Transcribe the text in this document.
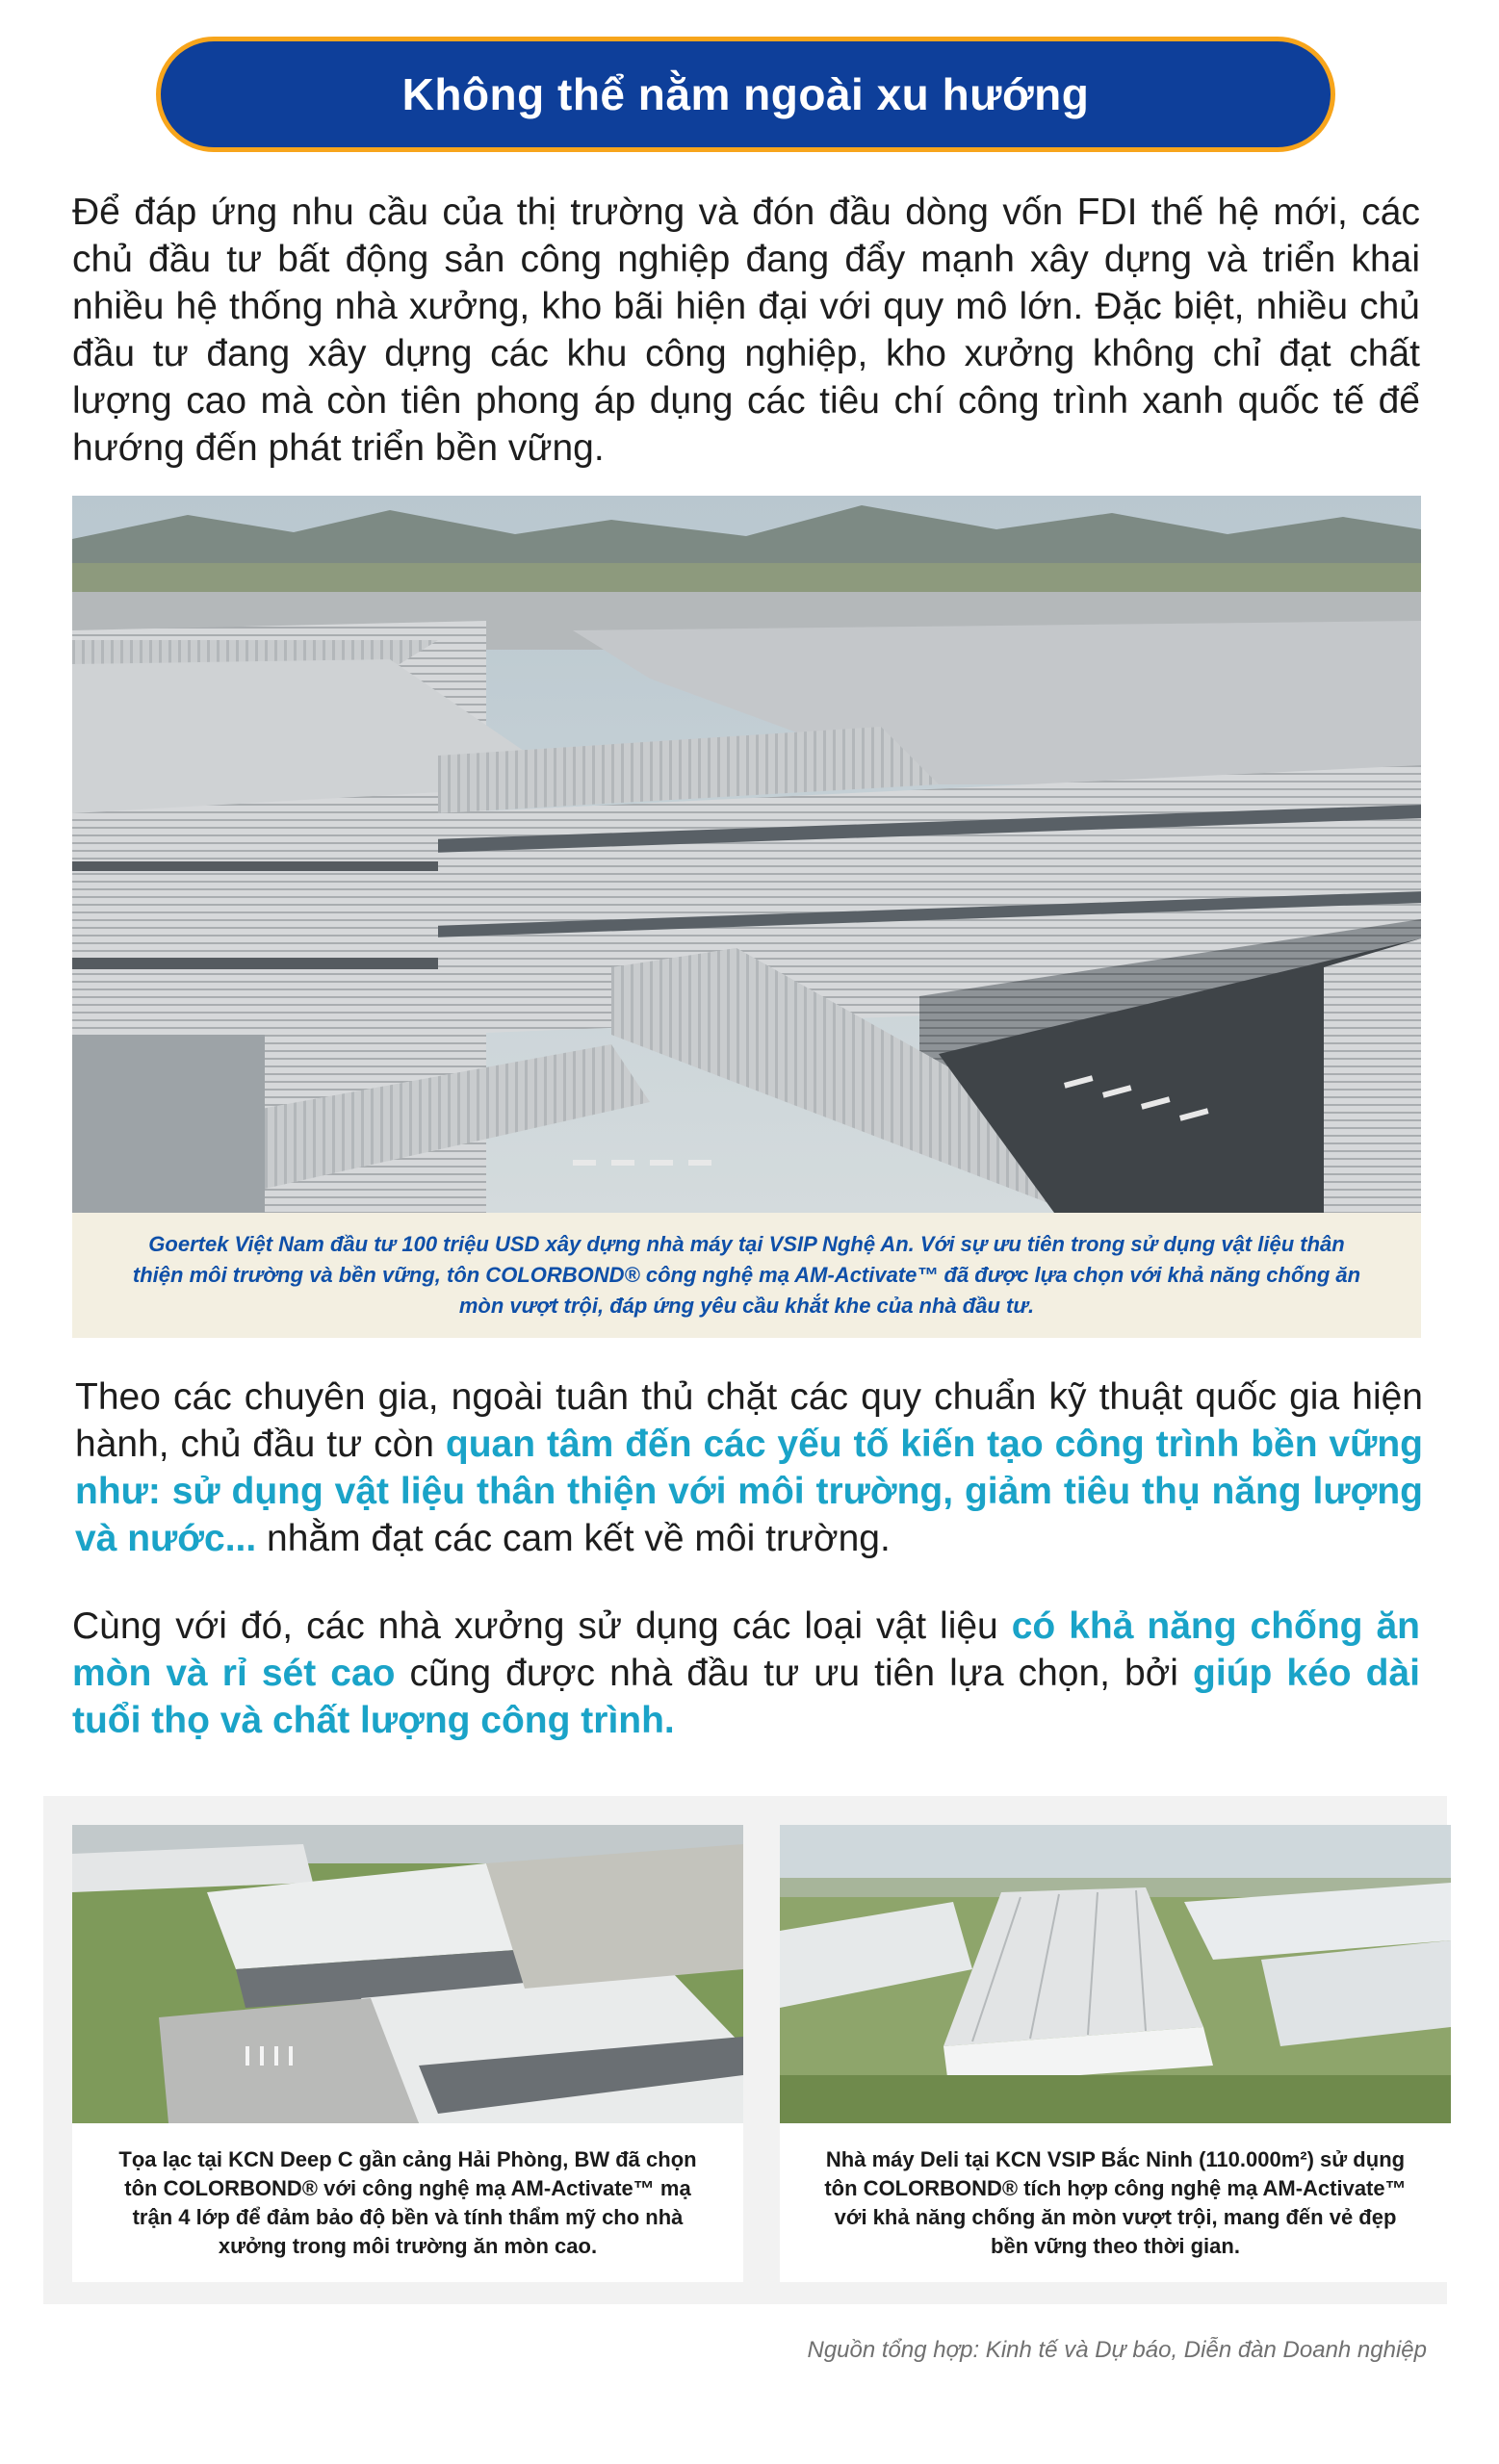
Không thể nằm ngoài xu hướng

Để đáp ứng nhu cầu của thị trường và đón đầu dòng vốn FDI thế hệ mới, các chủ đầu tư bất động sản công nghiệp đang đẩy mạnh xây dựng và triển khai nhiều hệ thống nhà xưởng, kho bãi hiện đại với quy mô lớn. Đặc biệt, nhiều chủ đầu tư đang xây dựng các khu công nghiệp, kho xưởng không chỉ đạt chất lượng cao mà còn tiên phong áp dụng các tiêu chí công trình xanh quốc tế để hướng đến phát triển bền vững.

Goertek Việt Nam đầu tư 100 triệu USD xây dựng nhà máy tại VSIP Nghệ An. Với sự ưu tiên trong sử dụng vật liệu thân thiện môi trường và bền vững, tôn COLORBOND® công nghệ mạ AM-Activate™ đã được lựa chọn với khả năng chống ăn mòn vượt trội, đáp ứng yêu cầu khắt khe của nhà đầu tư.

Theo các chuyên gia, ngoài tuân thủ chặt các quy chuẩn kỹ thuật quốc gia hiện hành, chủ đầu tư còn quan tâm đến các yếu tố kiến tạo công trình bền vững như: sử dụng vật liệu thân thiện với môi trường, giảm tiêu thụ năng lượng và nước... nhằm đạt các cam kết về môi trường.

Cùng với đó, các nhà xưởng sử dụng các loại vật liệu có khả năng chống ăn mòn và rỉ sét cao cũng được nhà đầu tư ưu tiên lựa chọn, bởi giúp kéo dài tuổi thọ và chất lượng công trình.

Tọa lạc tại KCN Deep C gần cảng Hải Phòng, BW đã chọn tôn COLORBOND® với công nghệ mạ AM-Activate™ mạ trận 4 lớp để đảm bảo độ bền và tính thẩm mỹ cho nhà xưởng trong môi trường ăn mòn cao.

Nhà máy Deli tại KCN VSIP Bắc Ninh (110.000m²) sử dụng tôn COLORBOND® tích hợp công nghệ mạ AM-Activate™ với khả năng chống ăn mòn vượt trội, mang đến vẻ đẹp bền vững theo thời gian.

Nguồn tổng hợp: Kinh tế và Dự báo, Diễn đàn Doanh nghiệp
